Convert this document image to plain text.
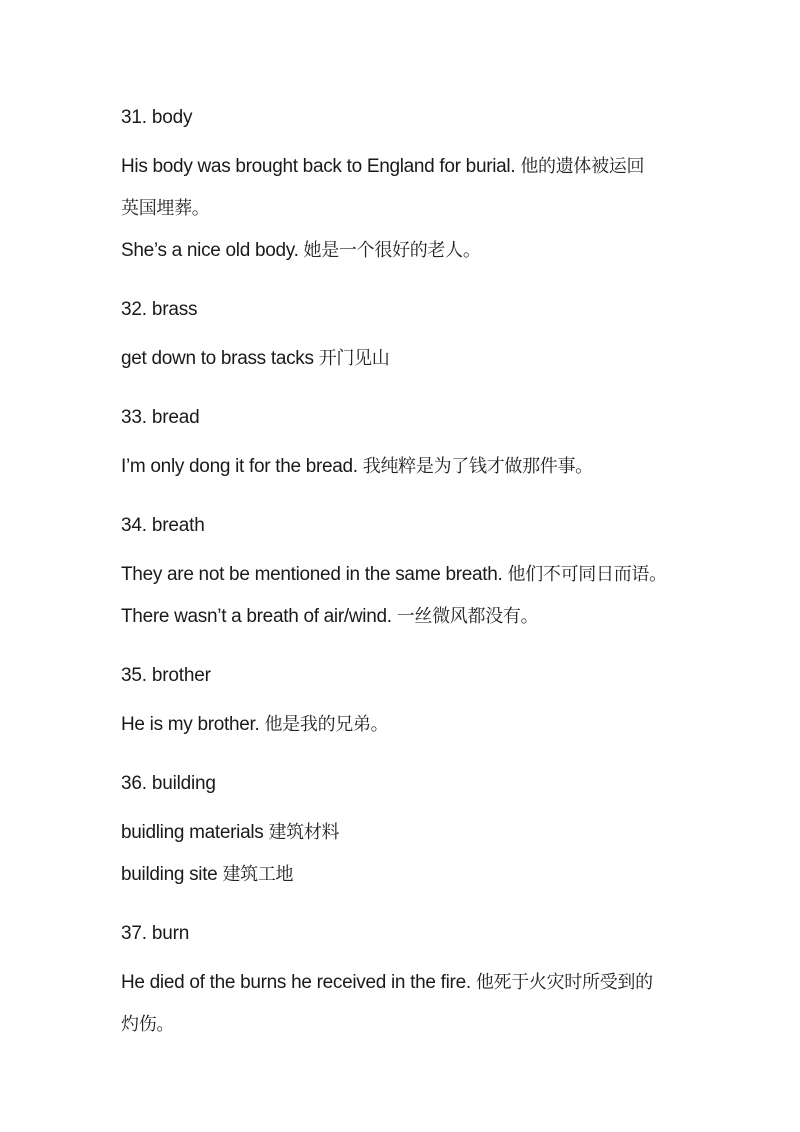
31. body

His body was brought back to England for burial. 他的遗体被运回

英国埋葬。

She’s a nice old body. 她是一个很好的老人。

32. brass

get down to brass tacks 开门见山

33. bread

I’m only dong it for the bread. 我纯粹是为了钱才做那件事。

34. breath

They are not be mentioned in the same breath. 他们不可同日而语。

There wasn’t a breath of air/wind. 一丝微风都没有。

35. brother

He is my brother. 他是我的兄弟。

36. building

buidling materials 建筑材料

building site 建筑工地

37. burn

He died of the burns he received in the fire. 他死于火灾时所受到的

灼伤。
